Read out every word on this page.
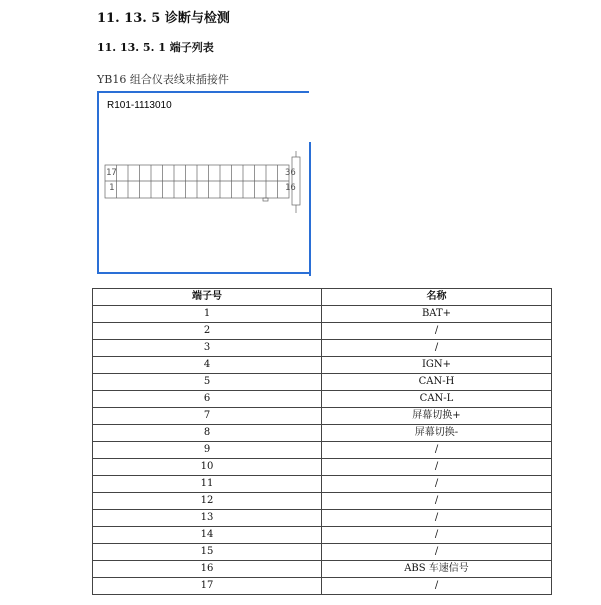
11. 13. 5 诊断与检测
11. 13. 5. 1 端子列表
YB16 组合仪表线束插接件
R101-1113010
17	36
1	16
端子号	名称
1	BAT+
2	/
3	/
4	IGN+
5	CAN-H
6	CAN-L
7	屏幕切换+
8	屏幕切换-
9	/
10	/
11	/
12	/
13	/
14	/
15	/
16	ABS 车速信号
17	/
